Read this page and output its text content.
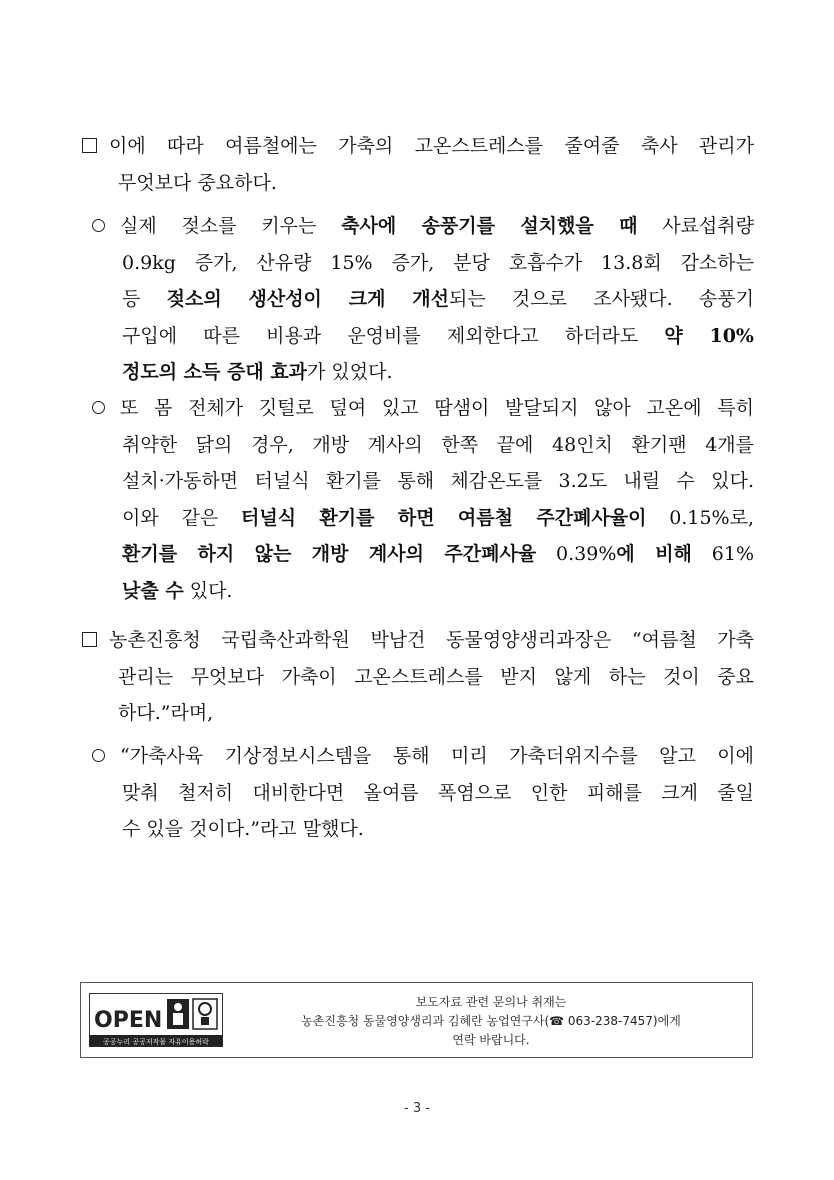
이에 따라 여름철에는 가축의 고온스트레스를 줄여줄 축사 관리가
무엇보다 중요하다.
실제 젖소를 키우는 축사에 송풍기를 설치했을 때 사료섭취량
0.9kg 증가, 산유량 15% 증가, 분당 호흡수가 13.8회 감소하는
등 젖소의 생산성이 크게 개선되는 것으로 조사됐다. 송풍기
구입에 따른 비용과 운영비를 제외한다고 하더라도 약 10%
정도의 소득 증대 효과가 있었다.
또 몸 전체가 깃털로 덮여 있고 땀샘이 발달되지 않아 고온에 특히
취약한 닭의 경우, 개방 계사의 한쪽 끝에 48인치 환기팬 4개를
설치·가동하면 터널식 환기를 통해 체감온도를 3.2도 내릴 수 있다.
이와 같은 터널식 환기를 하면 여름철 주간폐사율이 0.15%로,
환기를 하지 않는 개방 계사의 주간폐사율 0.39%에 비해 61%
낮출 수 있다.
농촌진흥청 국립축산과학원 박남건 동물영양생리과장은 “여름철 가축
관리는 무엇보다 가축이 고온스트레스를 받지 않게 하는 것이 중요
하다.”라며,
“가축사육 기상정보시스템을 통해 미리 가축더위지수를 알고 이에
맞춰 철저히 대비한다면 올여름 폭염으로 인한 피해를 크게 줄일
수 있을 것이다.”라고 말했다.
OPEN
공공누리 공공저작물 자유이용허락
보도자료 관련 문의나 취재는
농촌진흥청 동물영양생리과 김혜란 농업연구사(☎ 063-238-7457)에게
연락 바랍니다.
- 3 -
